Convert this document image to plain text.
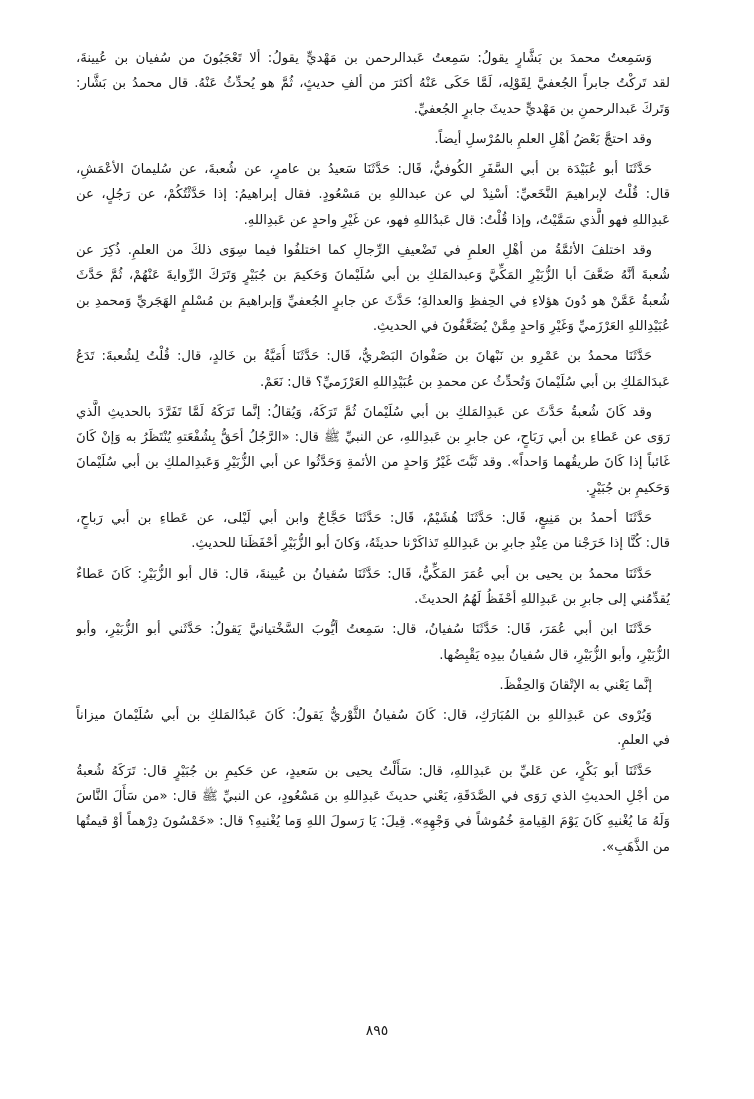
وَسَمِعتُ محمدَ بن بَشَّارٍ يقولُ: سَمِعتُ عَبدالرحمن بن مَهْديٍّ يقولُ: ألا تَعْجَبُونَ من سُفيان بن عُيينةَ،
لقد تَركْتُ جابراً الجُعفيَّ لِقَوْلِه، لَمَّا حَكَى عَنْهُ أكثرَ من ألفِ حديثٍ، ثُمَّ هو يُحدِّثُ عَنْهُ. قال محمدُ بن بَشَّار:
وَتَركَ عَبدالرحمنِ بن مَهْديٍّ حديثَ جابرٍ الجُعفيِّ.
وقد احتجَّ بَعْضُ أهْلِ العلمِ بالمُرْسلِ أيضاً.
حَدَّثَنَا أبو عُبَيْدَة بن أبي السَّفَرِ الكُوفيُّ، قَال: حَدَّثَنَا سَعيدُ بن عامرٍ، عن شُعبةَ، عن سُليمانَ الأعْمَشِ،
قال: قُلْتُ لإبراهيمَ النَّخَعيِّ: أسْنِدْ لي عن عبداللهِ بن مَسْعُودٍ. فقال إبراهيمُ: إذا حَدَّثْتُكُمْ، عن رَجُلٍ، عن
عَبدِاللهِ فهو الَّذي سَمَّيْتُ، وإذا قُلْتُ: قال عَبدُاللهِ فهو، عن غَيْرِ واحدٍ عن عَبدِاللهِ.
وقد اختلفَ الأئمَّةُ من أهْلِ العلمِ في تَضْعيفِ الرِّجالِ كما اختلفُوا فيما سِوَى ذلكَ من العلمِ. ذُكِرَ عن
شُعبةَ أنَّهُ ضَعَّفَ أبا الزُّبَيْرِ المَكِّيَّ وَعبدالمَلكِ بن أبي سُلَيْمانَ وَحَكيمَ بن جُبَيْرٍ وَتَرَكَ الرِّوايةَ عَنْهُمْ، ثُمَّ حَدَّثَ
شُعبةُ عَمَّنْ هو دُونَ هؤلاءِ في الحِفظِ وَالعدالةِ؛ حَدَّثَ عن جابرٍ الجُعفيِّ وَإبراهيمَ بن مُسْلمٍ الهَجَريِّ وَمحمدِ بن
عُبَيْدِاللهِ العَرْزَميِّ وَغَيْرِ وَاحدٍ مِمَّنْ يُضَعَّفُونَ في الحديثِ.
حَدَّثَنَا محمدُ بن عَمْرِو بن نَبْهانَ بن صَفْوانَ البَصْريُّ، قَال: حَدَّثَنَا أُمَيَّةُ بن خَالدٍ، قال: قُلْتُ لِشُعبةَ: تَدَعُ
عَبدَالمَلكِ بن أبي سُلَيْمانَ وَتُحدِّثُ عن محمدِ بن عُبَيْدِاللهِ العَرْزَميِّ؟ قال: نَعَمْ.
وقد كَانَ شُعبةُ حَدَّثَ عن عَبدِالمَلكِ بن أبي سُلَيْمانَ ثُمَّ تَرَكَهُ، وَيُقالُ: إنَّما تَرَكَهُ لَمَّا تَفَرَّدَ بالحديثِ الَّذي
رَوَى عن عَطاءِ بن أبي رَبَاحٍ، عن جابرِ بن عَبدِاللهِ، عن النبيِّ ﷺ قال: «الرَّجُلُ أحَقُّ بِشُفْعَتهِ يُنْتَظَرُ به وَإنْ كَانَ
غَائباً إذا كَانَ طريقُهما وَاحداً». وقد ثَبَّتَ غَيْرُ وَاحدٍ من الأئمةِ وَحَدَّثُوا عن أبي الزُّبَيْرِ وَعَبدِالملكِ بن أبي سُلَيْمانَ
وَحَكيمِ بن جُبَيْرٍ.
حَدَّثَنَا أحمدُ بن مَنِيعٍ، قَال: حَدَّثَنَا هُشَيْمٌ، قَال: حَدَّثَنَا حَجَّاجٌ وابن أبي لَيْلى، عن عَطاءِ بن أبي رَباحٍ،
قال: كُنَّا إذا خَرَجْنا من عِنْدِ جابرِ بن عَبدِاللهِ تَذاكَرْنا حديثَهُ، وَكانَ أبو الزُّبَيْرِ أحْفَظَنا للحديثِ.
حَدَّثَنَا محمدُ بن يحيى بن أبي عُمَرَ المَكِّيُّ، قَال: حَدَّثَنَا سُفيانُ بن عُيينةَ، قال: قال أبو الزُّبَيْرِ: كَانَ عَطاءٌ
يُقدِّمُني إلى جابرِ بن عَبدِاللهِ أحْفَظُ لَهُمُ الحديثَ.
حَدَّثَنَا ابن أبي عُمَرَ، قَال: حَدَّثَنَا سُفيانُ، قال: سَمِعتُ أيُّوبَ السَّخْتيانيَّ يَقولُ: حَدَّثَني أبو الزُّبَيْرِ، وأبو
الزُّبَيْرِ، وأبو الزُّبَيْرِ، قال سُفيانُ بيدِه يَقْبِضُها.
إنَّما يَعْني به الإتْقانَ وَالحِفْظَ.
وَيُرْوى عن عَبدِاللهِ بن المُبَارَكِ، قال: كَانَ سُفيانُ الثَّوْريُّ يَقولُ: كَانَ عَبدُالمَلكِ بن أبي سُلَيْمانَ ميزاناً
في العلمِ.
حَدَّثَنَا أبو بَكْرٍ، عن عَليِّ بن عَبدِاللهِ، قال: سَأَلْتُ يحيى بن سَعيدٍ، عن حَكيمِ بن جُبَيْرٍ قال: تَرَكَهُ شُعبةُ
من أجْلِ الحديثِ الذي رَوَى في الصَّدَقَةِ، يَعْني حديثَ عَبدِاللهِ بن مَسْعُودٍ، عن النبيِّ ﷺ قال: «من سَأَلَ النَّاسَ
وَلَهُ مَا يُغْنيهِ كَانَ يَوْمَ القِيامةِ خُمُوشاً في وَجْهِهِ». قِيلَ: يَا رَسولَ اللهِ وَما يُغْنيهِ؟ قال: «خَمْسُونَ دِرْهماً أوْ قيمتُها
من الذَّهَبِ».
٨٩٥
